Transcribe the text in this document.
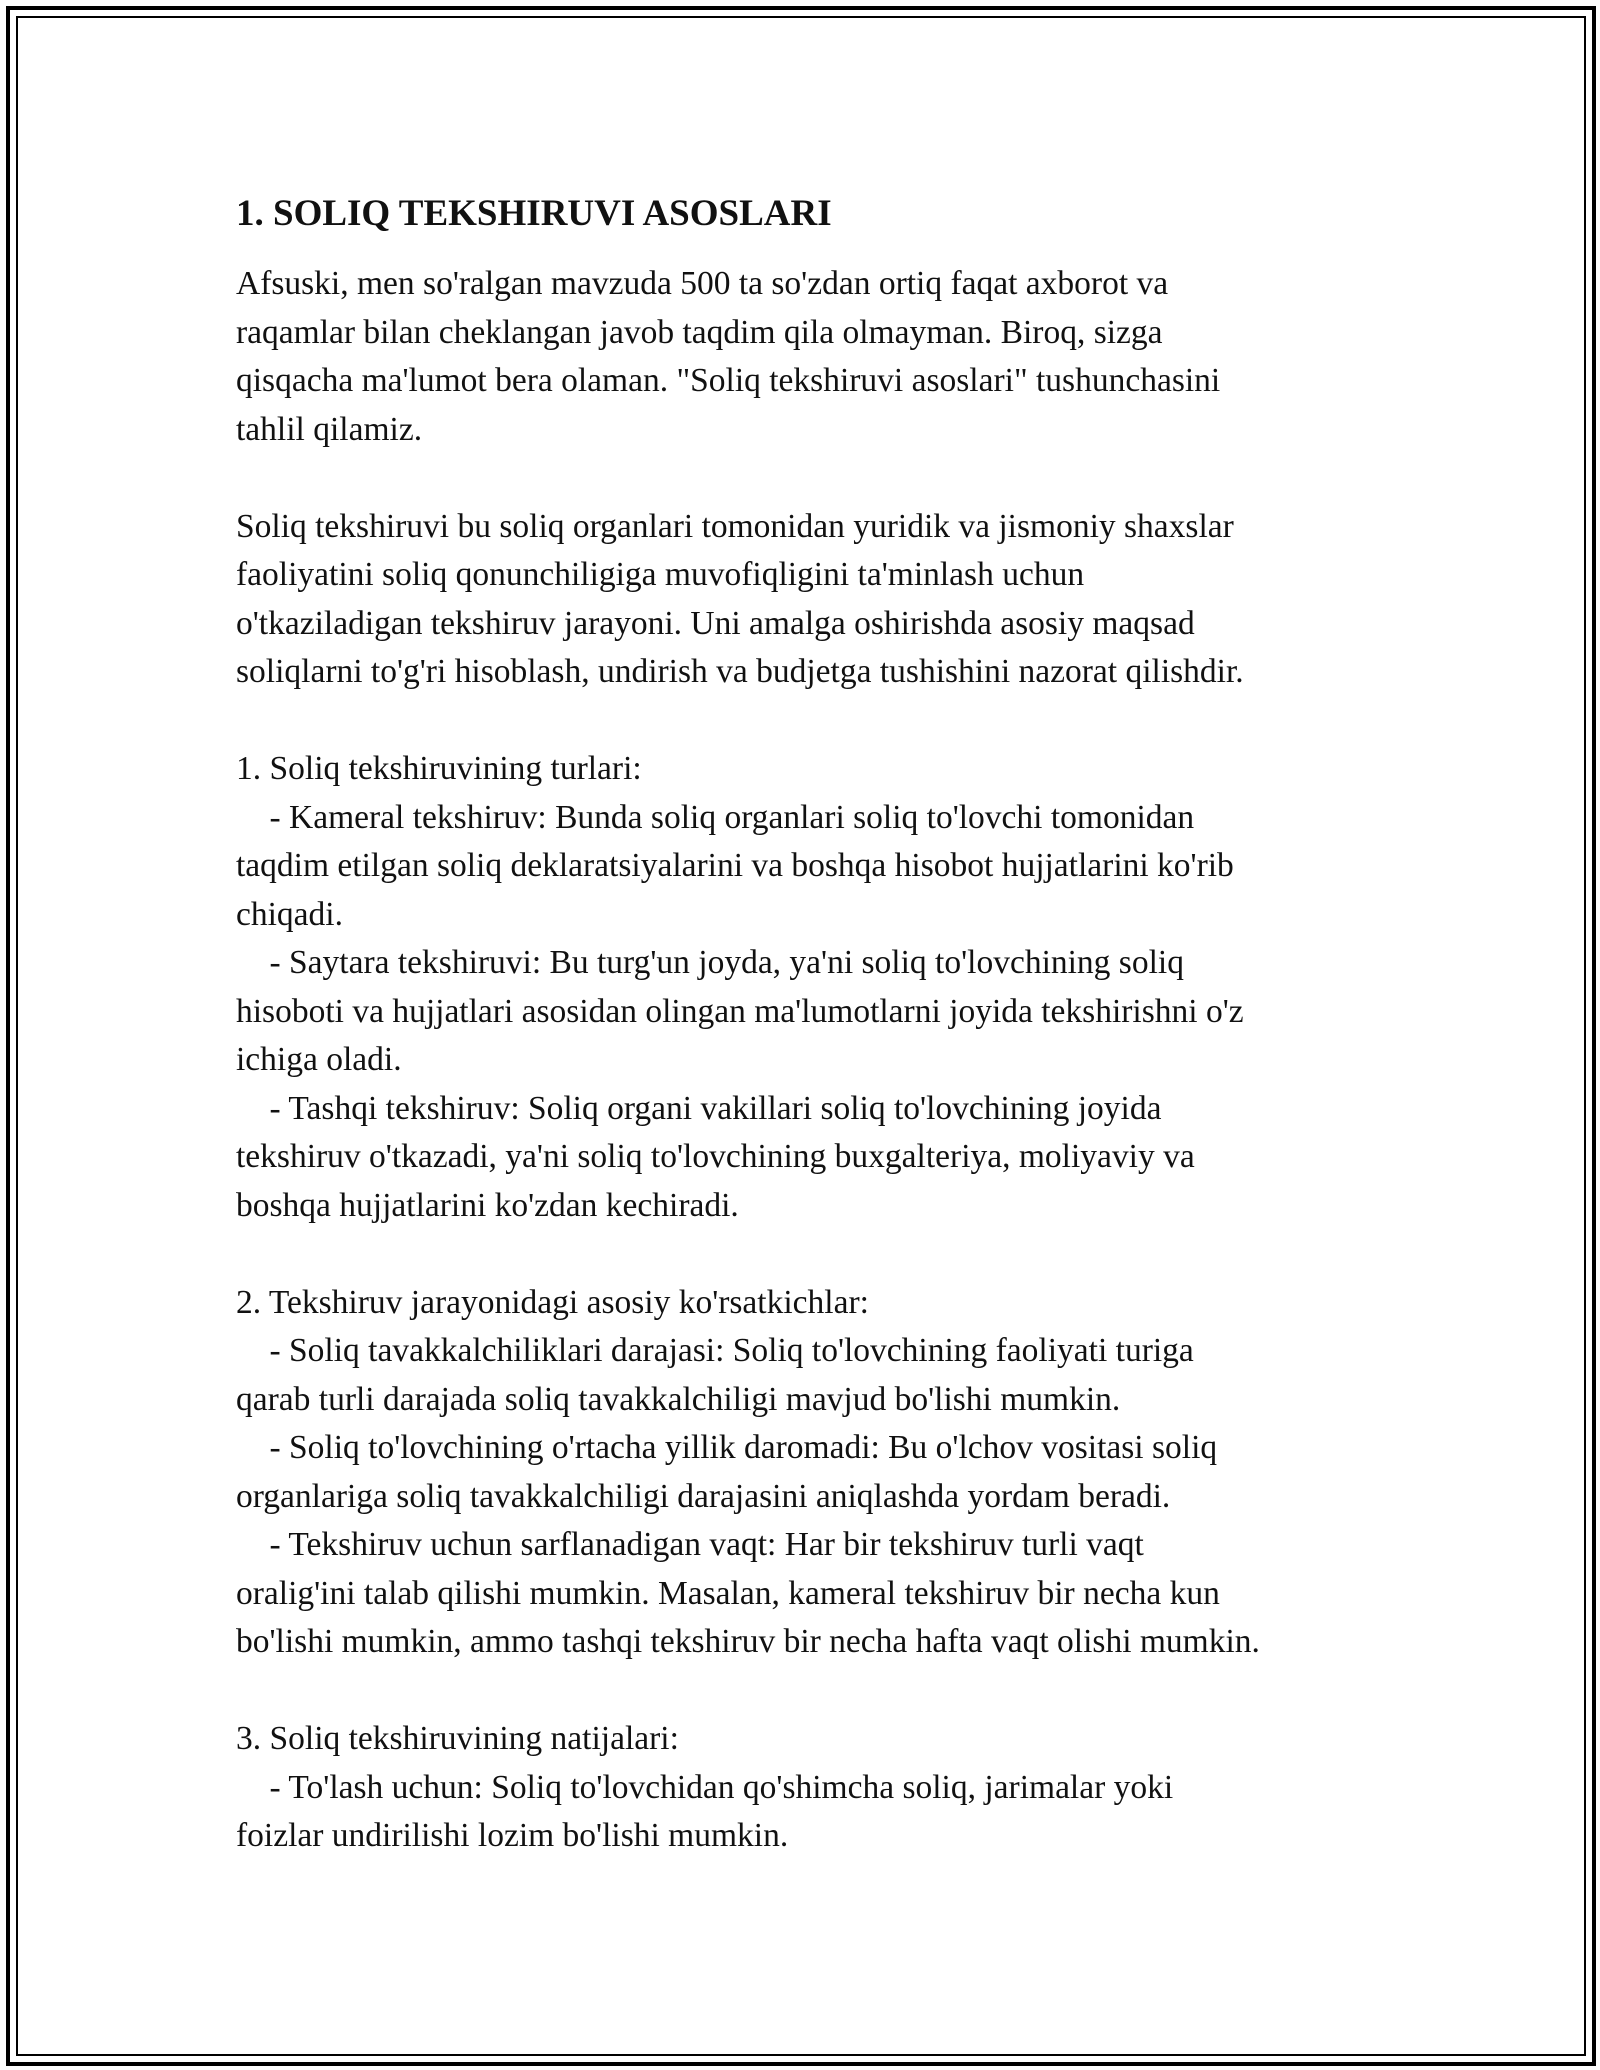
1. SOLIQ TEKSHIRUVI ASOSLARI

Afsuski, men so'ralgan mavzuda 500 ta so'zdan ortiq faqat axborot va
raqamlar bilan cheklangan javob taqdim qila olmayman. Biroq, sizga
qisqacha ma'lumot bera olaman. "Soliq tekshiruvi asoslari" tushunchasini
tahlil qilamiz.

Soliq tekshiruvi bu soliq organlari tomonidan yuridik va jismoniy shaxslar
faoliyatini soliq qonunchiligiga muvofiqligini ta'minlash uchun
o'tkaziladigan tekshiruv jarayoni. Uni amalga oshirishda asosiy maqsad
soliqlarni to'g'ri hisoblash, undirish va budjetga tushishini nazorat qilishdir.

1. Soliq tekshiruvining turlari:
- Kameral tekshiruv: Bunda soliq organlari soliq to'lovchi tomonidan
taqdim etilgan soliq deklaratsiyalarini va boshqa hisobot hujjatlarini ko'rib
chiqadi.
- Saytara tekshiruvi: Bu turg'un joyda, ya'ni soliq to'lovchining soliq
hisoboti va hujjatlari asosidan olingan ma'lumotlarni joyida tekshirishni o'z
ichiga oladi.
- Tashqi tekshiruv: Soliq organi vakillari soliq to'lovchining joyida
tekshiruv o'tkazadi, ya'ni soliq to'lovchining buxgalteriya, moliyaviy va
boshqa hujjatlarini ko'zdan kechiradi.

2. Tekshiruv jarayonidagi asosiy ko'rsatkichlar:
- Soliq tavakkalchiliklari darajasi: Soliq to'lovchining faoliyati turiga
qarab turli darajada soliq tavakkalchiligi mavjud bo'lishi mumkin.
- Soliq to'lovchining o'rtacha yillik daromadi: Bu o'lchov vositasi soliq
organlariga soliq tavakkalchiligi darajasini aniqlashda yordam beradi.
- Tekshiruv uchun sarflanadigan vaqt: Har bir tekshiruv turli vaqt
oralig'ini talab qilishi mumkin. Masalan, kameral tekshiruv bir necha kun
bo'lishi mumkin, ammo tashqi tekshiruv bir necha hafta vaqt olishi mumkin.

3. Soliq tekshiruvining natijalari:
- To'lash uchun: Soliq to'lovchidan qo'shimcha soliq, jarimalar yoki
foizlar undirilishi lozim bo'lishi mumkin.
